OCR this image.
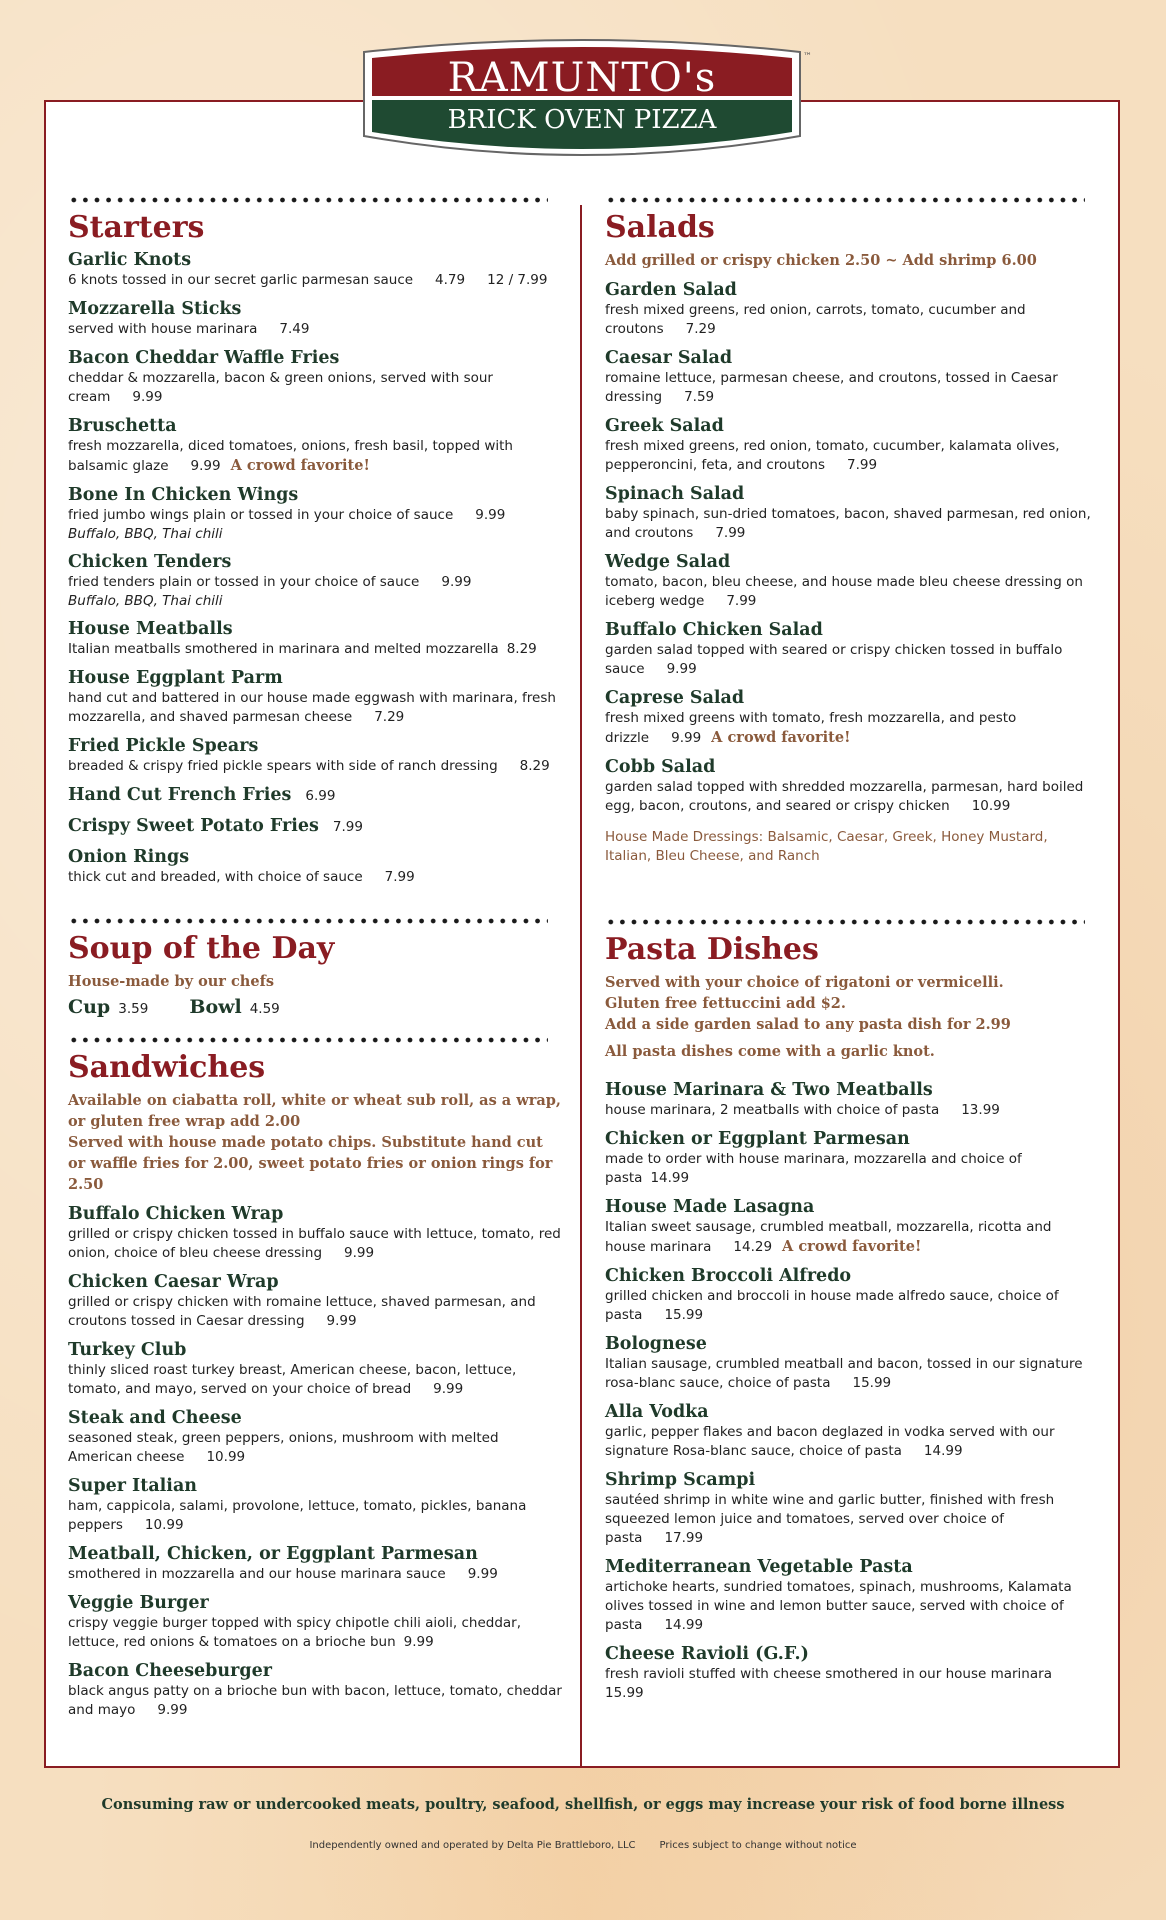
RAMUNTO's
BRICK OVEN PIZZA
™
Starters
Garlic Knots
6 knots tossed in our secret garlic parmesan sauce 4.79 12 / 7.99
Mozzarella Sticks
served with house marinara 7.49
Bacon Cheddar Waffle Fries
cheddar & mozzarella, bacon & green onions, served with sour cream 9.99
Bruschetta
fresh mozzarella, diced tomatoes, onions, fresh basil, topped with balsamic glaze 9.99 A crowd favorite!
Bone In Chicken Wings
fried jumbo wings plain or tossed in your choice of sauce 9.99
Buffalo, BBQ, Thai chili
Chicken Tenders
fried tenders plain or tossed in your choice of sauce 9.99
Buffalo, BBQ, Thai chili
House Meatballs
Italian meatballs smothered in marinara and melted mozzarella 8.29
House Eggplant Parm
hand cut and battered in our house made eggwash with marinara, fresh mozzarella, and shaved parmesan cheese 7.29
Fried Pickle Spears
breaded & crispy fried pickle spears with side of ranch dressing 8.29
Hand Cut French Fries 6.99
Crispy Sweet Potato Fries 7.99
Onion Rings
thick cut and breaded, with choice of sauce 7.99
Soup of the Day
House-made by our chefs
Cup 3.59 Bowl 4.59
Sandwiches
Available on ciabatta roll, white or wheat sub roll, as a wrap, or gluten free wrap add 2.00
Served with house made potato chips. Substitute hand cut or waffle fries for 2.00, sweet potato fries or onion rings for 2.50
Buffalo Chicken Wrap
grilled or crispy chicken tossed in buffalo sauce with lettuce, tomato, red onion, choice of bleu cheese dressing 9.99
Chicken Caesar Wrap
grilled or crispy chicken with romaine lettuce, shaved parmesan, and croutons tossed in Caesar dressing 9.99
Turkey Club
thinly sliced roast turkey breast, American cheese, bacon, lettuce, tomato, and mayo, served on your choice of bread 9.99
Steak and Cheese
seasoned steak, green peppers, onions, mushroom with melted American cheese 10.99
Super Italian
ham, cappicola, salami, provolone, lettuce, tomato, pickles, banana peppers 10.99
Meatball, Chicken, or Eggplant Parmesan
smothered in mozzarella and our house marinara sauce 9.99
Veggie Burger
crispy veggie burger topped with spicy chipotle chili aioli, cheddar, lettuce, red onions & tomatoes on a brioche bun 9.99
Bacon Cheeseburger
black angus patty on a brioche bun with bacon, lettuce, tomato, cheddar and mayo 9.99
Salads
Add grilled or crispy chicken 2.50 ~ Add shrimp 6.00
Garden Salad
fresh mixed greens, red onion, carrots, tomato, cucumber and croutons 7.29
Caesar Salad
romaine lettuce, parmesan cheese, and croutons, tossed in Caesar dressing 7.59
Greek Salad
fresh mixed greens, red onion, tomato, cucumber, kalamata olives, pepperoncini, feta, and croutons 7.99
Spinach Salad
baby spinach, sun-dried tomatoes, bacon, shaved parmesan, red onion, and croutons 7.99
Wedge Salad
tomato, bacon, bleu cheese, and house made bleu cheese dressing on iceberg wedge 7.99
Buffalo Chicken Salad
garden salad topped with seared or crispy chicken tossed in buffalo sauce 9.99
Caprese Salad
fresh mixed greens with tomato, fresh mozzarella, and pesto drizzle 9.99 A crowd favorite!
Cobb Salad
garden salad topped with shredded mozzarella, parmesan, hard boiled egg, bacon, croutons, and seared or crispy chicken 10.99
House Made Dressings: Balsamic, Caesar, Greek, Honey Mustard, Italian, Bleu Cheese, and Ranch
Pasta Dishes
Served with your choice of rigatoni or vermicelli.
Gluten free fettuccini add $2.
Add a side garden salad to any pasta dish for 2.99
All pasta dishes come with a garlic knot.
House Marinara & Two Meatballs
house marinara, 2 meatballs with choice of pasta 13.99
Chicken or Eggplant Parmesan
made to order with house marinara, mozzarella and choice of pasta 14.99
House Made Lasagna
Italian sweet sausage, crumbled meatball, mozzarella, ricotta and house marinara 14.29 A crowd favorite!
Chicken Broccoli Alfredo
grilled chicken and broccoli in house made alfredo sauce, choice of pasta 15.99
Bolognese
Italian sausage, crumbled meatball and bacon, tossed in our signature rosa-blanc sauce, choice of pasta 15.99
Alla Vodka
garlic, pepper flakes and bacon deglazed in vodka served with our signature Rosa-blanc sauce, choice of pasta 14.99
Shrimp Scampi
sautéed shrimp in white wine and garlic butter, finished with fresh squeezed lemon juice and tomatoes, served over choice of pasta 17.99
Mediterranean Vegetable Pasta
artichoke hearts, sundried tomatoes, spinach, mushrooms, Kalamata olives tossed in wine and lemon butter sauce, served with choice of pasta 14.99
Cheese Ravioli (G.F.)
fresh ravioli stuffed with cheese smothered in our house marinara
15.99
Consuming raw or undercooked meats, poultry, seafood, shellfish, or eggs may increase your risk of food borne illness
Independently owned and operated by Delta Pie Brattleboro, LLC Prices subject to change without notice
